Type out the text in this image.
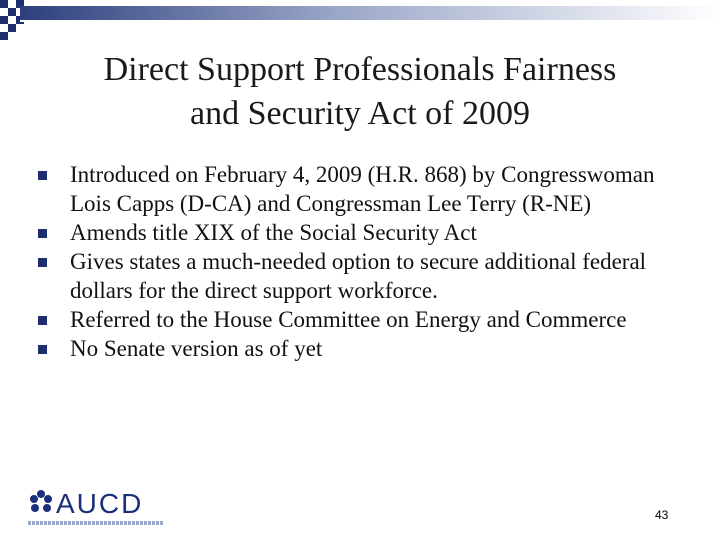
Direct Support Professionals Fairness
and Security Act of 2009
Introduced on February 4, 2009 (H.R. 868) by Congresswoman Lois Capps (D-CA) and Congressman Lee Terry (R-NE)
Amends title XIX of the Social Security Act
Gives states a much-needed option to secure additional federal dollars for the direct support workforce.
Referred to the House Committee on Energy and Commerce
No Senate version as of yet
AUCD	43
